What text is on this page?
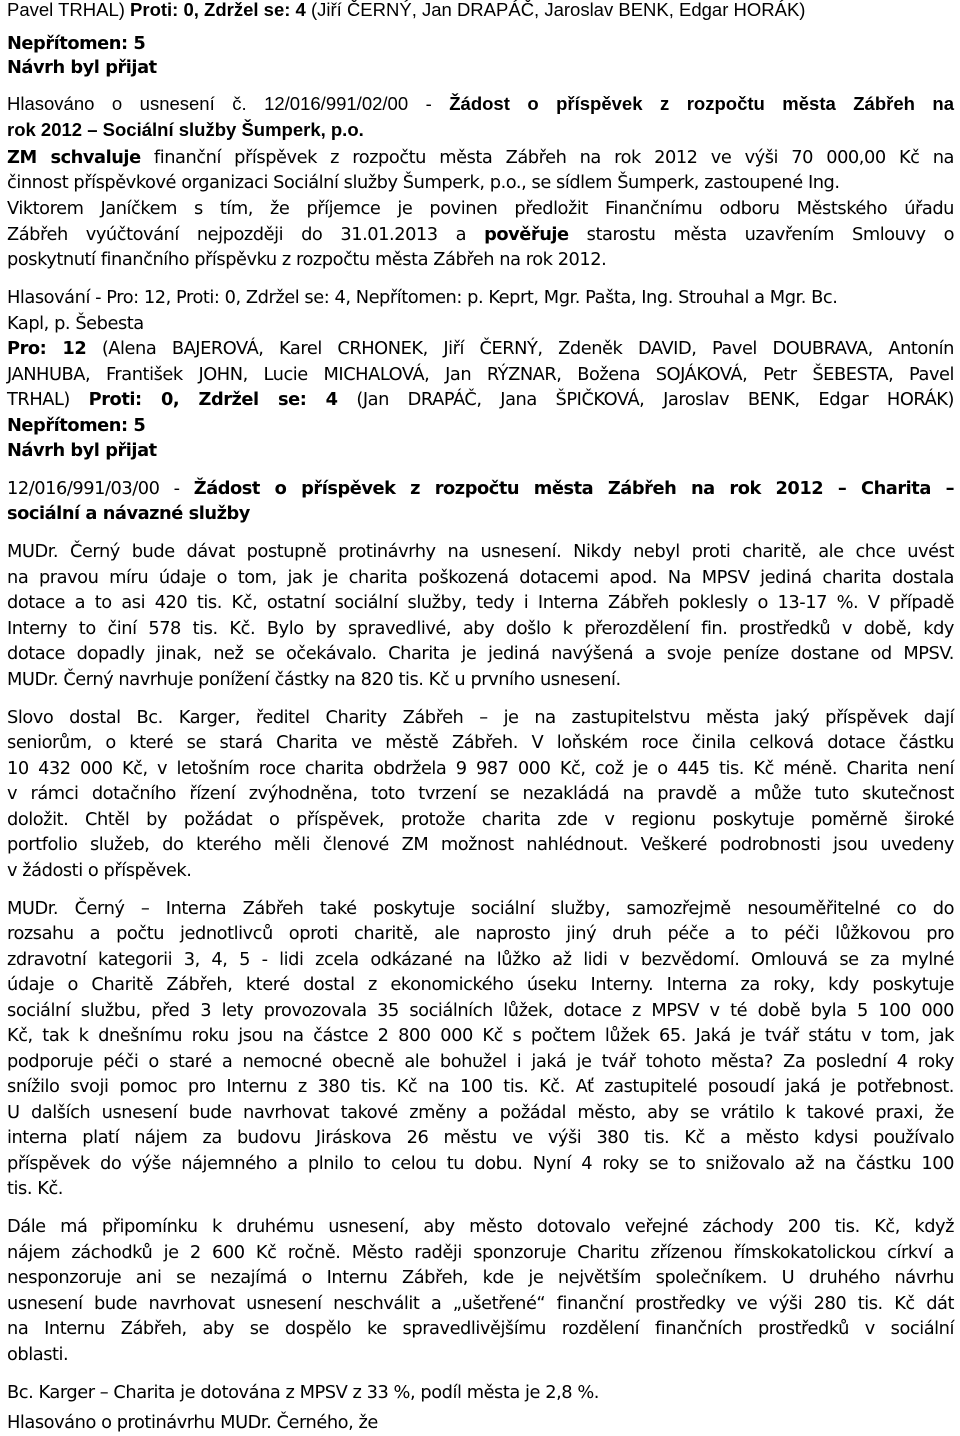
Pavel TRHAL) Proti: 0, Zdržel se: 4 (Jiří ČERNÝ, Jan DRAPÁČ, Jaroslav BENK, Edgar HORÁK)
Nepřítomen: 5
Návrh byl přijat
Hlasováno o usnesení č. 12/016/991/02/00 - Žádost o příspěvek z rozpočtu města Zábřeh na
rok 2012 – Sociální služby Šumperk, p.o.
ZM schvaluje finanční příspěvek z rozpočtu města Zábřeh na rok 2012 ve výši 70 000,00 Kč na
činnost příspěvkové organizaci Sociální služby Šumperk, p.o., se sídlem Šumperk, zastoupené Ing.
Viktorem Janíčkem s tím, že příjemce je povinen předložit Finančnímu odboru Městského úřadu
Zábřeh vyúčtování nejpozději do 31.01.2013 a pověřuje starostu města uzavřením Smlouvy o
poskytnutí finančního příspěvku z rozpočtu města Zábřeh na rok 2012.
Hlasování - Pro: 12, Proti: 0, Zdržel se: 4, Nepřítomen: p. Keprt, Mgr. Pašta, Ing. Strouhal a Mgr. Bc.
Kapl, p. Šebesta
Pro: 12 (Alena BAJEROVÁ, Karel CRHONEK, Jiří ČERNÝ, Zdeněk DAVID, Pavel DOUBRAVA, Antonín
JANHUBA, František JOHN, Lucie MICHALOVÁ, Jan RÝZNAR, Božena SOJÁKOVÁ, Petr ŠEBESTA, Pavel
TRHAL) Proti: 0, Zdržel se: 4 (Jan DRAPÁČ, Jana ŠPIČKOVÁ, Jaroslav BENK, Edgar HORÁK)
Nepřítomen: 5
Návrh byl přijat
12/016/991/03/00 - Žádost o příspěvek z rozpočtu města Zábřeh na rok 2012 – Charita –
sociální a návazné služby
MUDr. Černý bude dávat postupně protinávrhy na usnesení. Nikdy nebyl proti charitě, ale chce uvést
na pravou míru údaje o tom, jak je charita poškozená dotacemi apod. Na MPSV jediná charita dostala
dotace a to asi 420 tis. Kč, ostatní sociální služby, tedy i Interna Zábřeh poklesly o 13-17 %. V případě
Interny to činí 578 tis. Kč. Bylo by spravedlivé, aby došlo k přerozdělení fin. prostředků v době, kdy
dotace dopadly jinak, než se očekávalo. Charita je jediná navýšená a svoje peníze dostane od MPSV.
MUDr. Černý navrhuje ponížení částky na 820 tis. Kč u prvního usnesení.
Slovo dostal Bc. Karger, ředitel Charity Zábřeh – je na zastupitelstvu města jaký příspěvek dají
seniorům, o které se stará Charita ve městě Zábřeh. V loňském roce činila celková dotace částku
10 432 000 Kč, v letošním roce charita obdržela 9 987 000 Kč, což je o 445 tis. Kč méně. Charita není
v rámci dotačního řízení zvýhodněna, toto tvrzení se nezakládá na pravdě a může tuto skutečnost
doložit. Chtěl by požádat o příspěvek, protože charita zde v regionu poskytuje poměrně široké
portfolio služeb, do kterého měli členové ZM možnost nahlédnout. Veškeré podrobnosti jsou uvedeny
v žádosti o příspěvek.
MUDr. Černý – Interna Zábřeh také poskytuje sociální služby, samozřejmě nesouměřitelné co do
rozsahu a počtu jednotlivců oproti charitě, ale naprosto jiný druh péče a to péči lůžkovou pro
zdravotní kategorii 3, 4, 5 - lidi zcela odkázané na lůžko až lidi v bezvědomí. Omlouvá se za mylné
údaje o Charitě Zábřeh, které dostal z ekonomického úseku Interny. Interna za roky, kdy poskytuje
sociální službu, před 3 lety provozovala 35 sociálních lůžek, dotace z MPSV v té době byla 5 100 000
Kč, tak k dnešnímu roku jsou na částce 2 800 000 Kč s počtem lůžek 65. Jaká je tvář státu v tom, jak
podporuje péči o staré a nemocné obecně ale bohužel i jaká je tvář tohoto města? Za poslední 4 roky
snížilo svoji pomoc pro Internu z 380 tis. Kč na 100 tis. Kč. Ať zastupitelé posoudí jaká je potřebnost.
U dalších usnesení bude navrhovat takové změny a požádal město, aby se vrátilo k takové praxi, že
interna platí nájem za budovu Jiráskova 26 městu ve výši 380 tis. Kč a město kdysi používalo
příspěvek do výše nájemného a plnilo to celou tu dobu. Nyní 4 roky se to snižovalo až na částku 100
tis. Kč.
Dále má připomínku k druhému usnesení, aby město dotovalo veřejné záchody 200 tis. Kč, když
nájem záchodků je 2 600 Kč ročně. Město raději sponzoruje Charitu zřízenou římskokatolickou církví a
nesponzoruje ani se nezajímá o Internu Zábřeh, kde je největším společníkem. U druhého návrhu
usnesení bude navrhovat usnesení neschválit a „ušetřené“ finanční prostředky ve výši 280 tis. Kč dát
na Internu Zábřeh, aby se dospělo ke spravedlivějšímu rozdělení finančních prostředků v sociální
oblasti.
Bc. Karger – Charita je dotována z MPSV z 33 %, podíl města je 2,8 %.
Hlasováno o protinávrhu MUDr. Černého, že
